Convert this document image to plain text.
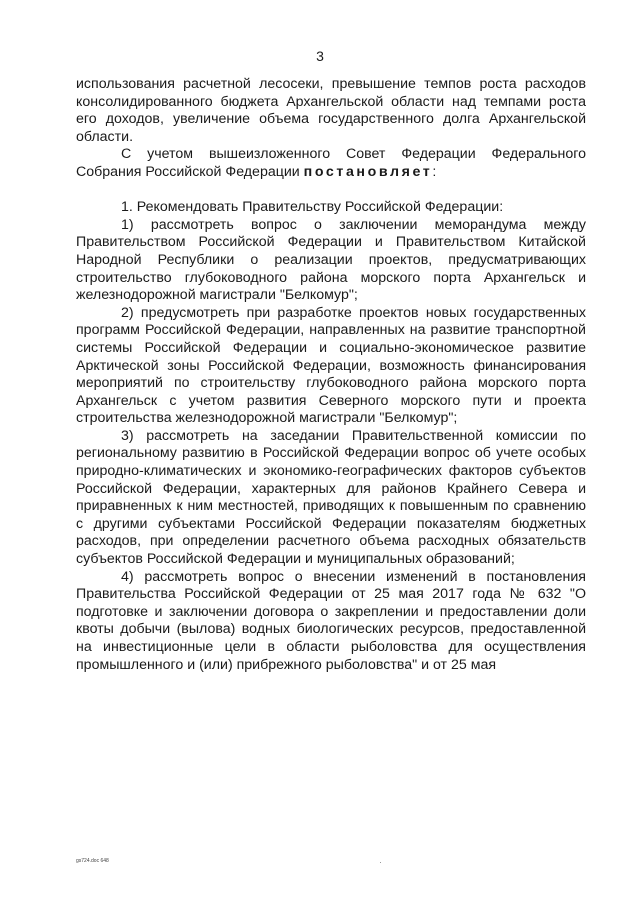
3

использования расчетной лесосеки, превышение темпов роста расходов консолидированного бюджета Архангельской области над темпами роста его доходов, увеличение объема государственного долга Архангельской области.

С учетом вышеизложенного Совет Федерации Федерального Собрания Российской Федерации постановляет:

1. Рекомендовать Правительству Российской Федерации:

1) рассмотреть вопрос о заключении меморандума между Правительством Российской Федерации и Правительством Китайской Народной Республики о реализации проектов, предусматривающих строительство глубоководного района морского порта Архангельск и железнодорожной магистрали "Белкомур";

2) предусмотреть при разработке проектов новых государственных программ Российской Федерации, направленных на развитие транспортной системы Российской Федерации и социально-экономическое развитие Арктической зоны Российской Федерации, возможность финансирования мероприятий по строительству глубоководного района морского порта Архангельск с учетом развития Северного морского пути и проекта строительства железнодорожной магистрали "Белкомур";

3) рассмотреть на заседании Правительственной комиссии по региональному развитию в Российской Федерации вопрос об учете особых природно-климатических и экономико-географических факторов субъектов Российской Федерации, характерных для районов Крайнего Севера и приравненных к ним местностей, приводящих к повышенным по сравнению с другими субъектами Российской Федерации показателям бюджетных расходов, при определении расчетного объема расходных обязательств субъектов Российской Федерации и муниципальных образований;

4) рассмотреть вопрос о внесении изменений в постановления Правительства Российской Федерации от 25 мая 2017 года № 632 "О подготовке и заключении договора о закреплении и предоставлении доли квоты добычи (вылова) водных биологических ресурсов, предоставленной на инвестиционные цели в области рыболовства для осуществления промышленного и (или) прибрежного рыболовства" и от 25 мая

gs724.doc 648
